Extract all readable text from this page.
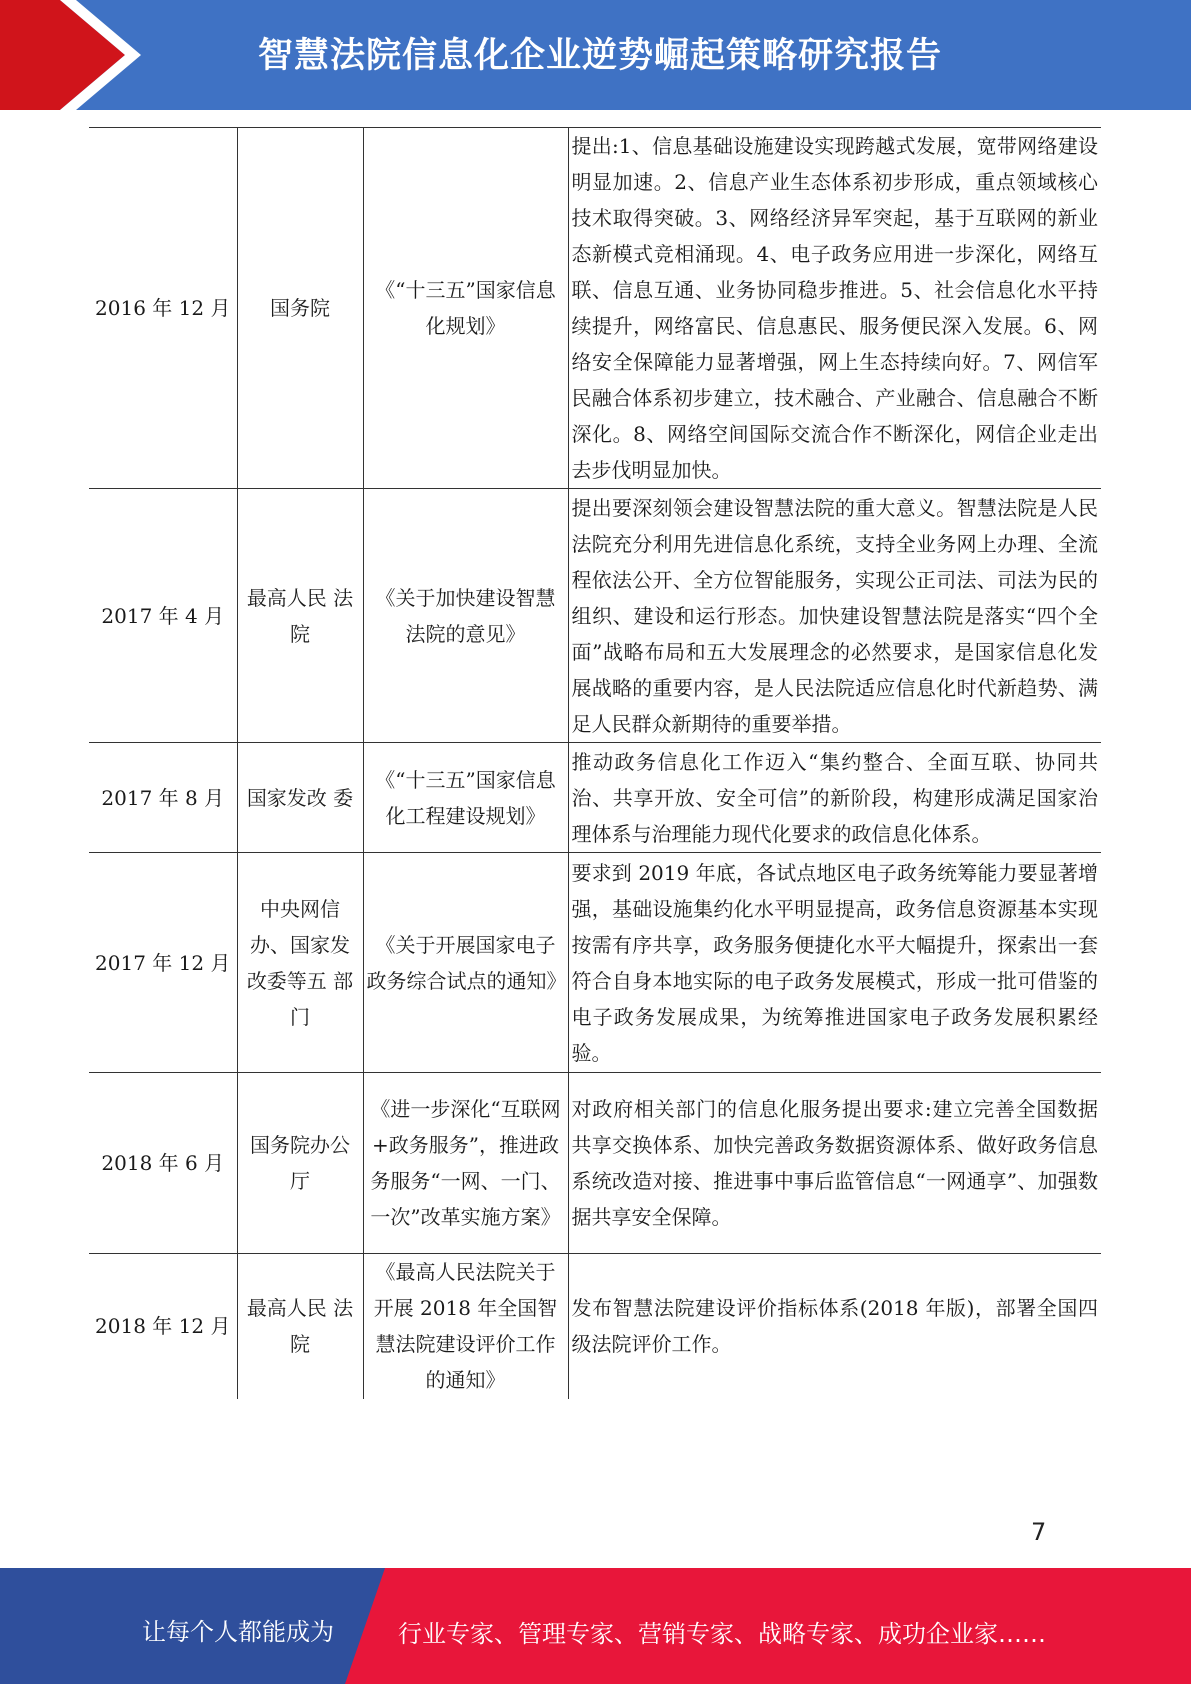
智慧法院信息化企业逆势崛起策略研究报告
2016 年 12 月	国务院	《“十三五”国家信息化规划》	提出:1、信息基础设施建设实现跨越式发展，宽带网络建设明显加速。2、信息产业生态体系初步形成，重点领域核心技术取得突破。3、网络经济异军突起，基于互联网的新业态新模式竞相涌现。4、电子政务应用进一步深化，网络互联、信息互通、业务协同稳步推进。5、社会信息化水平持续提升，网络富民、信息惠民、服务便民深入发展。6、网络安全保障能力显著增强，网上生态持续向好。7、网信军民融合体系初步建立，技术融合、产业融合、信息融合不断深化。8、网络空间国际交流合作不断深化，网信企业走出去步伐明显加快。
2017 年 4 月	最高人民 法院	《关于加快建设智慧法院的意见》	提出要深刻领会建设智慧法院的重大意义。智慧法院是人民法院充分利用先进信息化系统，支持全业务网上办理、全流程依法公开、全方位智能服务，实现公正司法、司法为民的组织、建设和运行形态。加快建设智慧法院是落实“四个全面”战略布局和五大发展理念的必然要求，是国家信息化发展战略的重要内容，是人民法院适应信息化时代新趋势、满足人民群众新期待的重要举措。
2017 年 8 月	国家发改 委	《“十三五”国家信息化工程建设规划》	推动政务信息化工作迈入“集约整合、全面互联、协同共治、共享开放、安全可信”的新阶段，构建形成满足国家治理体系与治理能力现代化要求的政信息化体系。
2017 年 12 月	中央网信办、国家发改委等五 部门	《关于开展国家电子政务综合试点的通知》	要求到 2019 年底，各试点地区电子政务统筹能力要显著增强，基础设施集约化水平明显提高，政务信息资源基本实现按需有序共享，政务服务便捷化水平大幅提升，探索出一套符合自身本地实际的电子政务发展模式，形成一批可借鉴的电子政务发展成果，为统筹推进国家电子政务发展积累经验。
2018 年 6 月	国务院办公厅	《进一步深化“互联网+政务服务”，推进政务服务“一网、一门、一次”改革实施方案》	对政府相关部门的信息化服务提出要求:建立完善全国数据共享交换体系、加快完善政务数据资源体系、做好政务信息系统改造对接、推进事中事后监管信息“一网通享”、加强数据共享安全保障。
2018 年 12 月	最高人民 法院	《最高人民法院关于开展 2018 年全国智慧法院建设评价工作的通知》	发布智慧法院建设评价指标体系(2018 年版)，部署全国四级法院评价工作。
7
让每个人都能成为	行业专家、管理专家、营销专家、战略专家、成功企业家……
